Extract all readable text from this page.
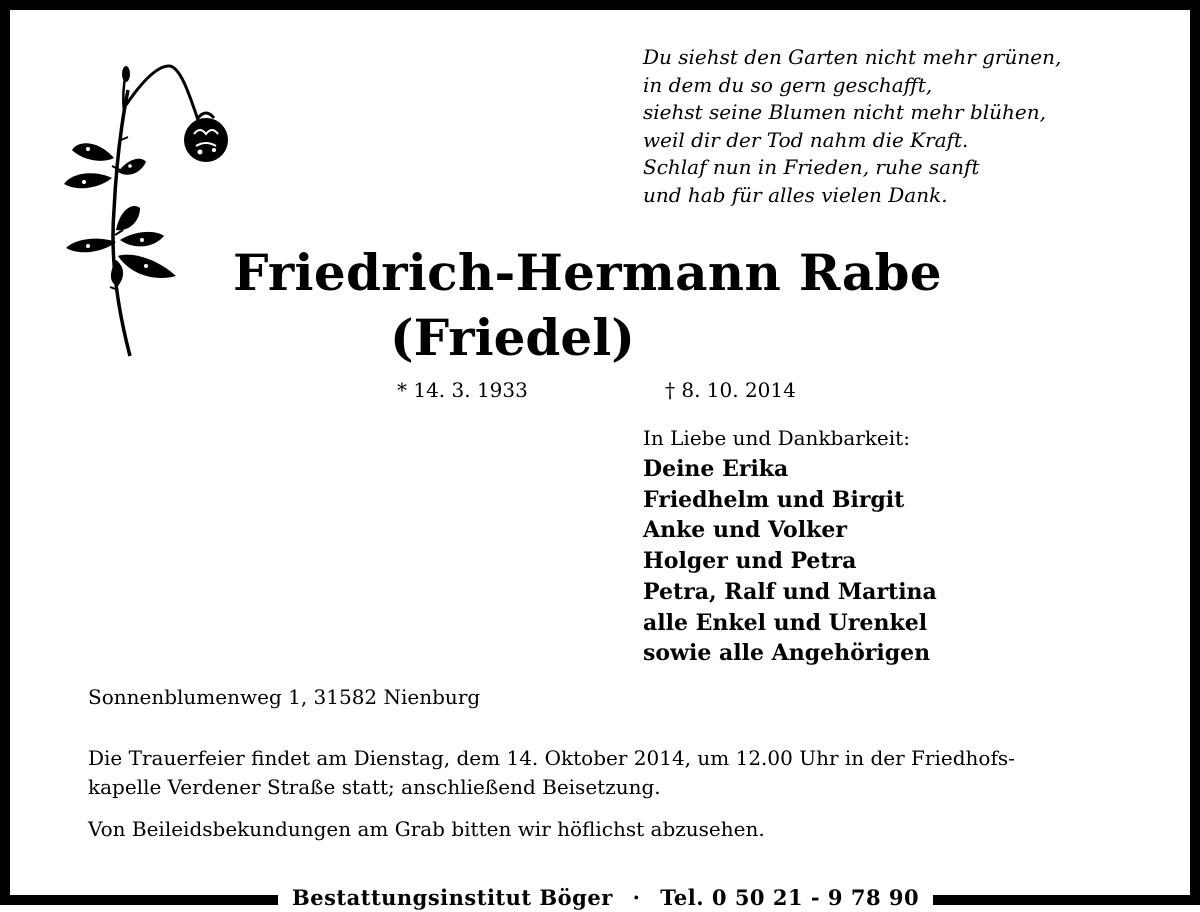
Du siehst den Garten nicht mehr grünen,
in dem du so gern geschafft,
siehst seine Blumen nicht mehr blühen,
weil dir der Tod nahm die Kraft.
Schlaf nun in Frieden, ruhe sanft
und hab für alles vielen Dank.
Friedrich-Hermann Rabe
(Friedel)
* 14. 3. 1933	† 8. 10. 2014
In Liebe und Dankbarkeit:
Deine Erika
Friedhelm und Birgit
Anke und Volker
Holger und Petra
Petra, Ralf und Martina
alle Enkel und Urenkel
sowie alle Angehörigen
Sonnenblumenweg 1, 31582 Nienburg
Die Trauerfeier findet am Dienstag, dem 14. Oktober 2014, um 12.00 Uhr in der Friedhofs-
kapelle Verdener Straße statt; anschließend Beisetzung.
Von Beileidsbekundungen am Grab bitten wir höflichst abzusehen.
Bestattungsinstitut Böger · Tel. 0 50 21 - 9 78 90
